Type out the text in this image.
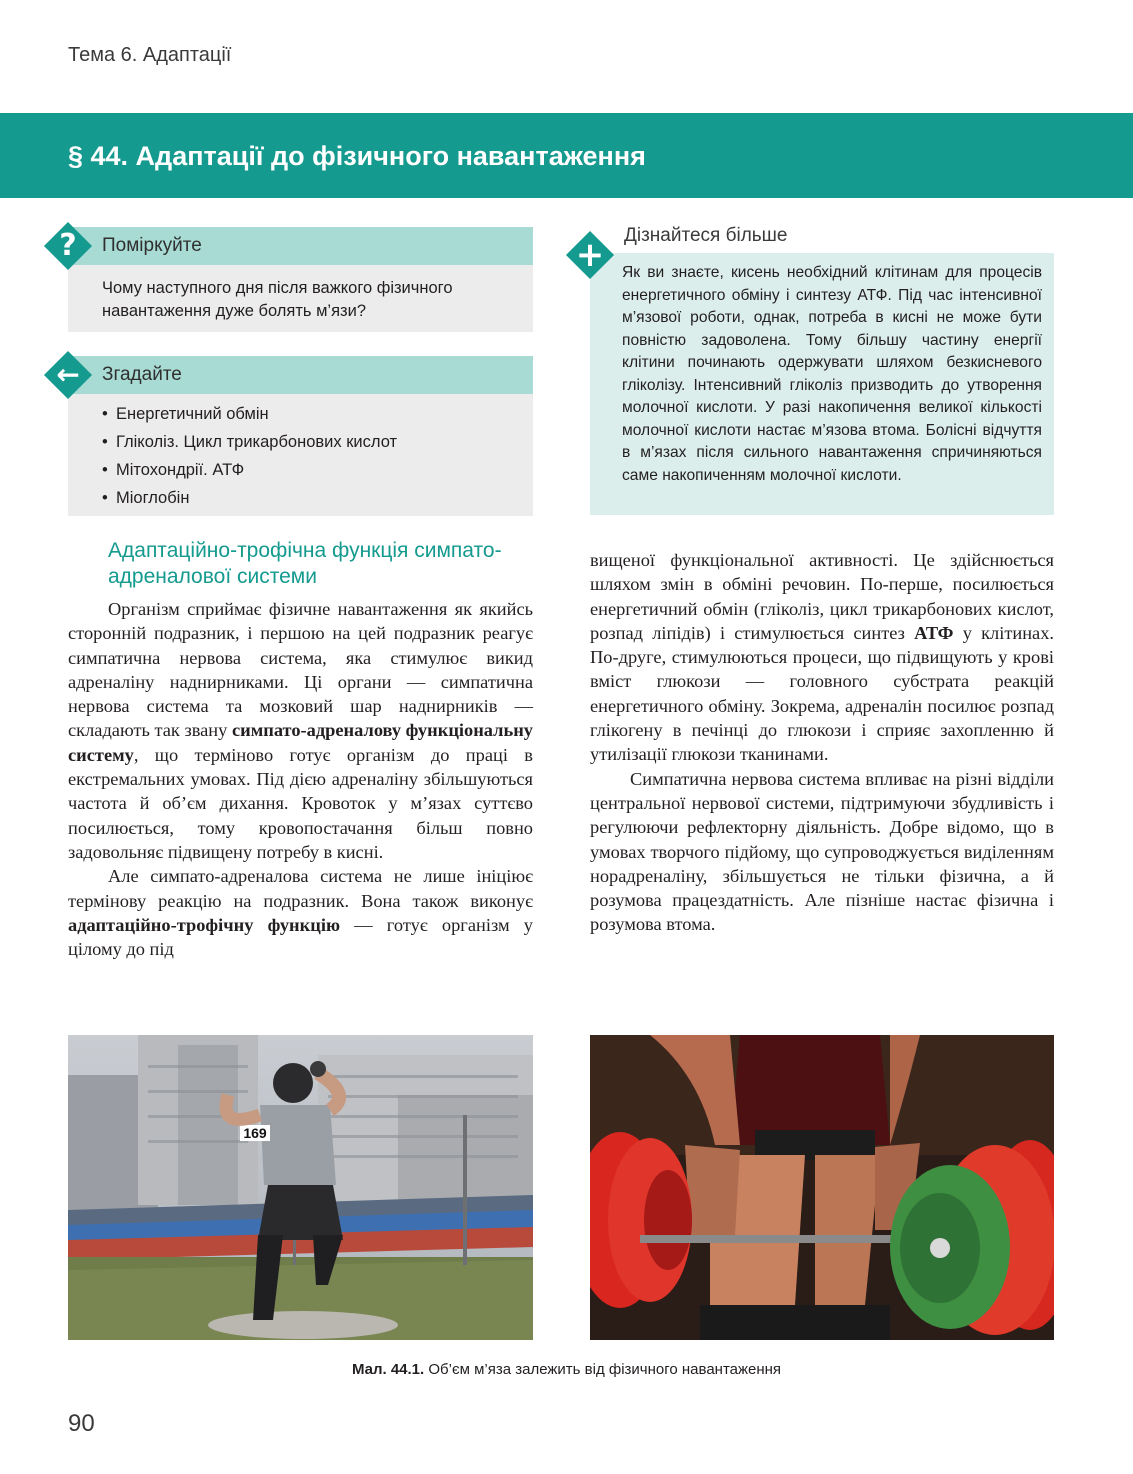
Тема 6. Адаптації
§ 44. Адаптації до фізичного навантаження
Поміркуйте
Чому наступного дня після важкого фізичного навантаження дуже болять м’язи?
?
Згадайте
• Енергетичний обмін
• Гліколіз. Цикл трикарбонових кислот
• Мітохондрії. АТФ
• Міоглобін
←
Дізнайтеся більше
Як ви знаєте, кисень необхідний клітинам для процесів енергетичного обміну і синтезу АТФ. Під час інтенсивної м’язової роботи, однак, потреба в кисні не може бути повністю задоволена. Тому більшу частину енергії клітини починають одержувати шляхом безкисневого гліколізу. Інтенсивний гліколіз призводить до утворення молочної кислоти. У разі накопичення великої кількості молочної кислоти настає м’язова втома. Болісні відчуття в м’язах після сильного навантаження спричиняються саме накопиченням молочної кислоти.
+
Адаптаційно-трофічна функція симпато-адреналової системи

Організм сприймає фізичне навантаження як якийсь сторонній подразник, і першою на цей подразник реагує симпатична нервова система, яка стимулює викид адреналіну наднирниками. Ці органи — симпатична нервова система та мозковий шар наднирників — складають так звану симпато-адреналову функціональну систему, що терміново готує організм до праці в екстремальних умовах. Під дією адреналіну збільшуються частота й об’єм дихання. Кровоток у м’язах суттєво посилюється, тому кровопостачання більш повно задовольняє підвищену потребу в кисні.

Але симпато-адреналова система не лише ініціює термінову реакцію на подразник. Вона також виконує адаптаційно-трофічну функцію — готує організм у цілому до під

вищеної функціональної активності. Це здійснюється шляхом змін в обміні речовин. По-перше, посилюється енергетичний обмін (гліколіз, цикл трикарбонових кислот, розпад ліпідів) і стимулюється синтез АТФ у клітинах. По-друге, стимулюються процеси, що підвищують у крові вміст глюкози — головного субстрата реакцій енергетичного обміну. Зокрема, адреналін посилює розпад глікогену в печінці до глюкози і сприяє захопленню й утилізації глюкози тканинами.

Симпатична нервова система впливає на різні відділи центральної нервової системи, підтримуючи збудливість і регулюючи рефлекторну діяльність. Добре відомо, що в умовах творчого підйому, що супроводжується виділенням норадреналіну, збільшується не тільки фізична, а й розумова працездатність. Але пізніше настає фізична і розумова втома.

169
Мал. 44.1. Об’єм м’яза залежить від фізичного навантаження
90
